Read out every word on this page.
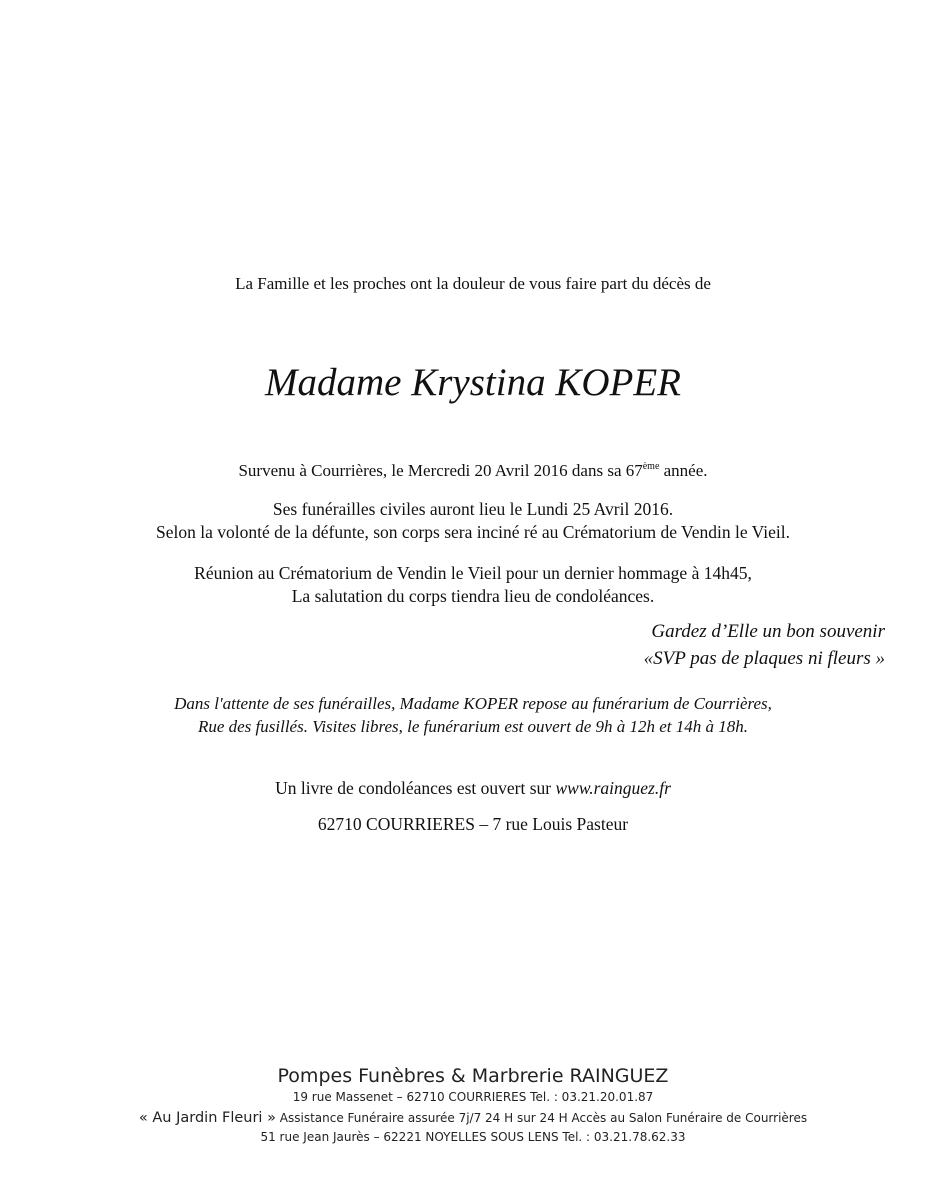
La Famille et les proches ont la douleur de vous faire part du décès de
Madame Krystina KOPER
Survenu à Courrières, le Mercredi 20 Avril 2016 dans sa 67ème année.
Ses funérailles civiles auront lieu le Lundi 25 Avril 2016.
Selon la volonté de la défunte, son corps sera inciné ré au Crématorium de Vendin le Vieil.
Réunion au Crématorium de Vendin le Vieil pour un dernier hommage à 14h45,
La salutation du corps tiendra lieu de condoléances.
Gardez d’Elle un bon souvenir
«SVP pas de plaques ni fleurs »
Dans l'attente de ses funérailles, Madame KOPER repose au funérarium de Courrières,
Rue des fusillés. Visites libres, le funérarium est ouvert de 9h à 12h et 14h à 18h.
Un livre de condoléances est ouvert sur www.rainguez.fr
62710 COURRIERES – 7 rue Louis Pasteur
Pompes Funèbres & Marbrerie RAINGUEZ
19 rue Massenet – 62710 COURRIERES Tel. : 03.21.20.01.87
« Au Jardin Fleuri » Assistance Funéraire assurée 7j/7 24 H sur 24 H Accès au Salon Funéraire de Courrières
51 rue Jean Jaurès – 62221 NOYELLES SOUS LENS Tel. : 03.21.78.62.33
